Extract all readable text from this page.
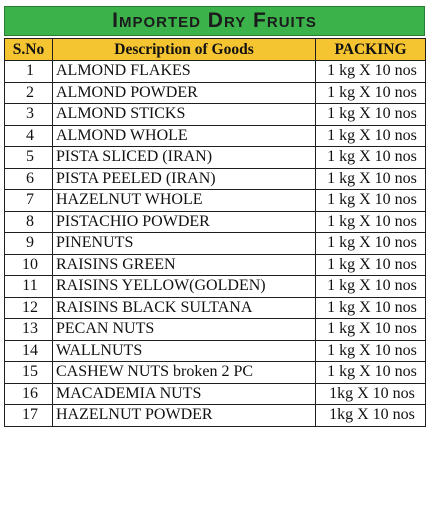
Imported Dry Fruits
S.No	Description of Goods	PACKING
1	ALMOND FLAKES	1 kg X 10 nos
2	ALMOND POWDER	1 kg X 10 nos
3	ALMOND STICKS	1 kg X 10 nos
4	ALMOND WHOLE	1 kg X 10 nos
5	PISTA SLICED (IRAN)	1 kg X 10 nos
6	PISTA PEELED (IRAN)	1 kg X 10 nos
7	HAZELNUT WHOLE	1 kg X 10 nos
8	PISTACHIO POWDER	1 kg X 10 nos
9	PINENUTS	1 kg X 10 nos
10	RAISINS GREEN	1 kg X 10 nos
11	RAISINS YELLOW(GOLDEN)	1 kg X 10 nos
12	RAISINS BLACK SULTANA	1 kg X 10 nos
13	PECAN NUTS	1 kg X 10 nos
14	WALLNUTS	1 kg X 10 nos
15	CASHEW NUTS broken 2 PC	1 kg X 10 nos
16	MACADEMIA NUTS	1kg X 10 nos
17	HAZELNUT POWDER	1kg X 10 nos
